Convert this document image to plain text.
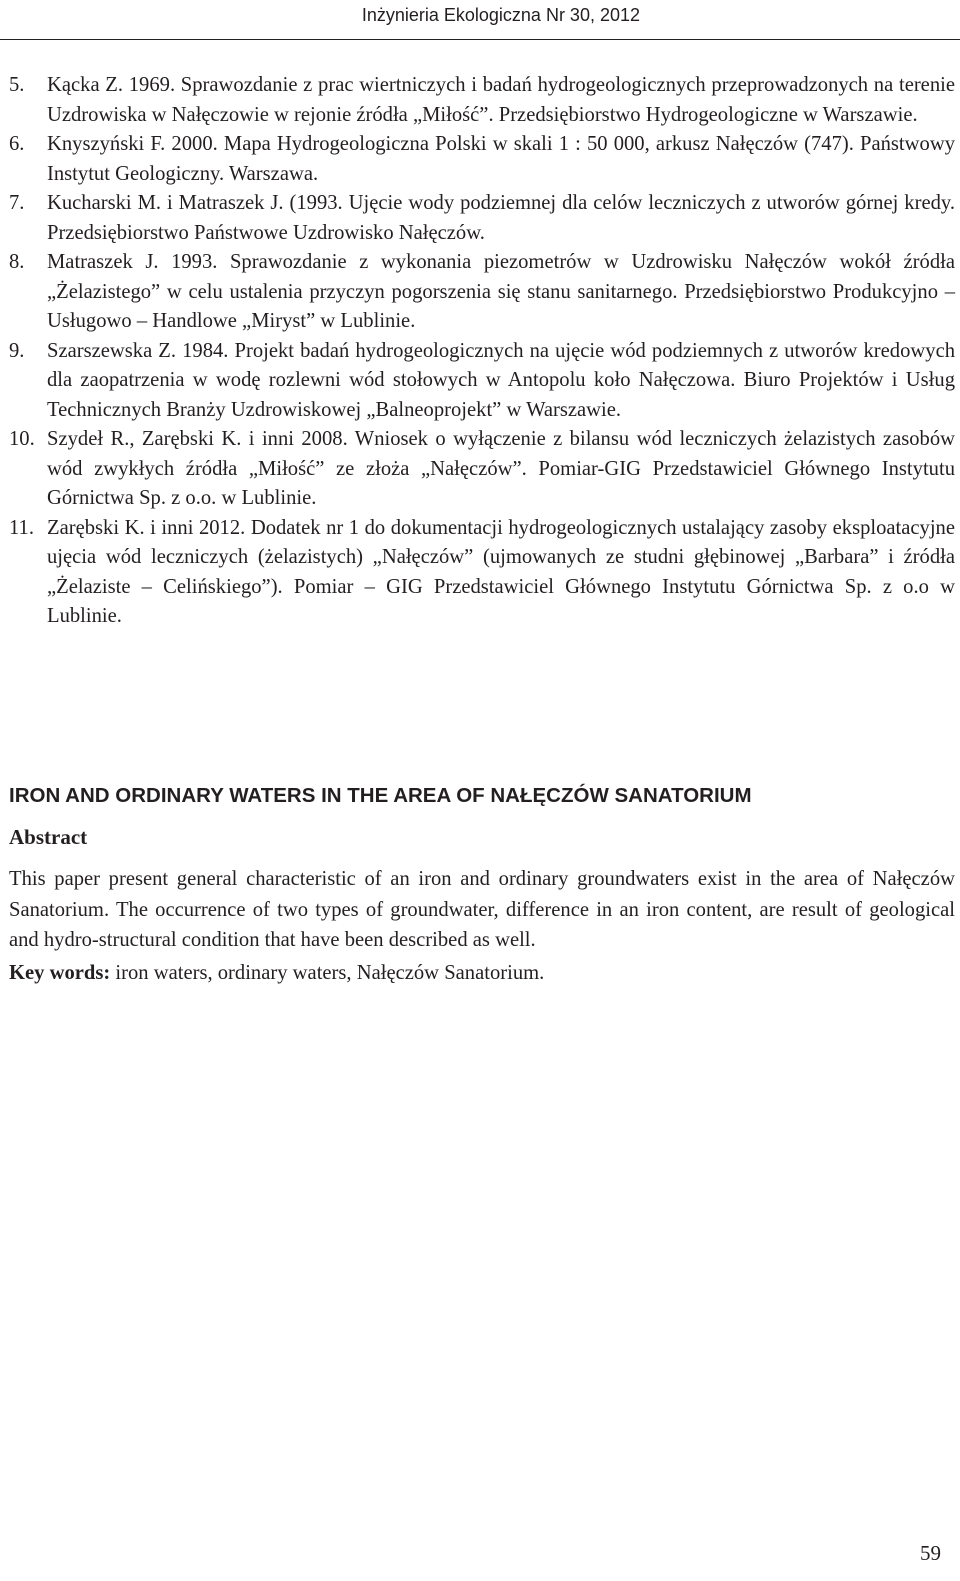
Inżynieria Ekologiczna Nr 30, 2012
5.	Kącka Z. 1969. Sprawozdanie z prac wiertniczych i badań hydrogeologicznych przeprowadzonych na terenie Uzdrowiska w Nałęczowie w rejonie źródła „Miłość”. Przedsiębiorstwo Hydrogeologiczne w Warszawie.
6.	Knyszyński F. 2000. Mapa Hydrogeologiczna Polski w skali 1 : 50 000, arkusz Nałęczów (747). Państwowy Instytut Geologiczny. Warszawa.
7.	Kucharski M. i Matraszek J. (1993. Ujęcie wody podziemnej dla celów leczniczych z utworów górnej kredy. Przedsiębiorstwo Państwowe Uzdrowisko Nałęczów.
8.	Matraszek J. 1993. Sprawozdanie z wykonania piezometrów w Uzdrowisku Nałęczów wokół źródła „Żelazistego” w celu ustalenia przyczyn pogorszenia się stanu sanitarnego. Przedsiębiorstwo Produkcyjno – Usługowo – Handlowe „Miryst” w Lublinie.
9.	Szarszewska Z. 1984. Projekt badań hydrogeologicznych na ujęcie wód podziemnych z utworów kredowych dla zaopatrzenia w wodę rozlewni wód stołowych w Antopolu koło Nałęczowa. Biuro Projektów i Usług Technicznych Branży Uzdrowiskowej „Balneoprojekt” w Warszawie.
10. Szydeł R., Zarębski K. i inni 2008. Wniosek o wyłączenie z bilansu wód leczniczych żelazistych zasobów wód zwykłych źródła „Miłość” ze złoża „Nałęczów”. Pomiar-GIG Przedstawiciel Głównego Instytutu Górnictwa Sp. z o.o. w Lublinie.
11. Zarębski K. i inni 2012. Dodatek nr 1 do dokumentacji hydrogeologicznych ustalający zasoby eksploatacyjne ujęcia wód leczniczych (żelazistych) „Nałęczów” (ujmowanych ze studni głębinowej „Barbara” i źródła „Żelaziste – Celińskiego”). Pomiar – GIG Przedstawiciel Głównego Instytutu Górnictwa Sp. z o.o w Lublinie.
IRON AND ORDINARY WATERS IN THE AREA OF NAŁĘCZÓW SANATORIUM
Abstract
This paper present general characteristic of an iron and ordinary groundwaters exist in the area of Nałęczów Sanatorium. The occurrence of two types of groundwater, difference in an iron content, are result of geological and hydro-structural condition that have been described as well.
Key words: iron waters, ordinary waters, Nałęczów Sanatorium.
59
